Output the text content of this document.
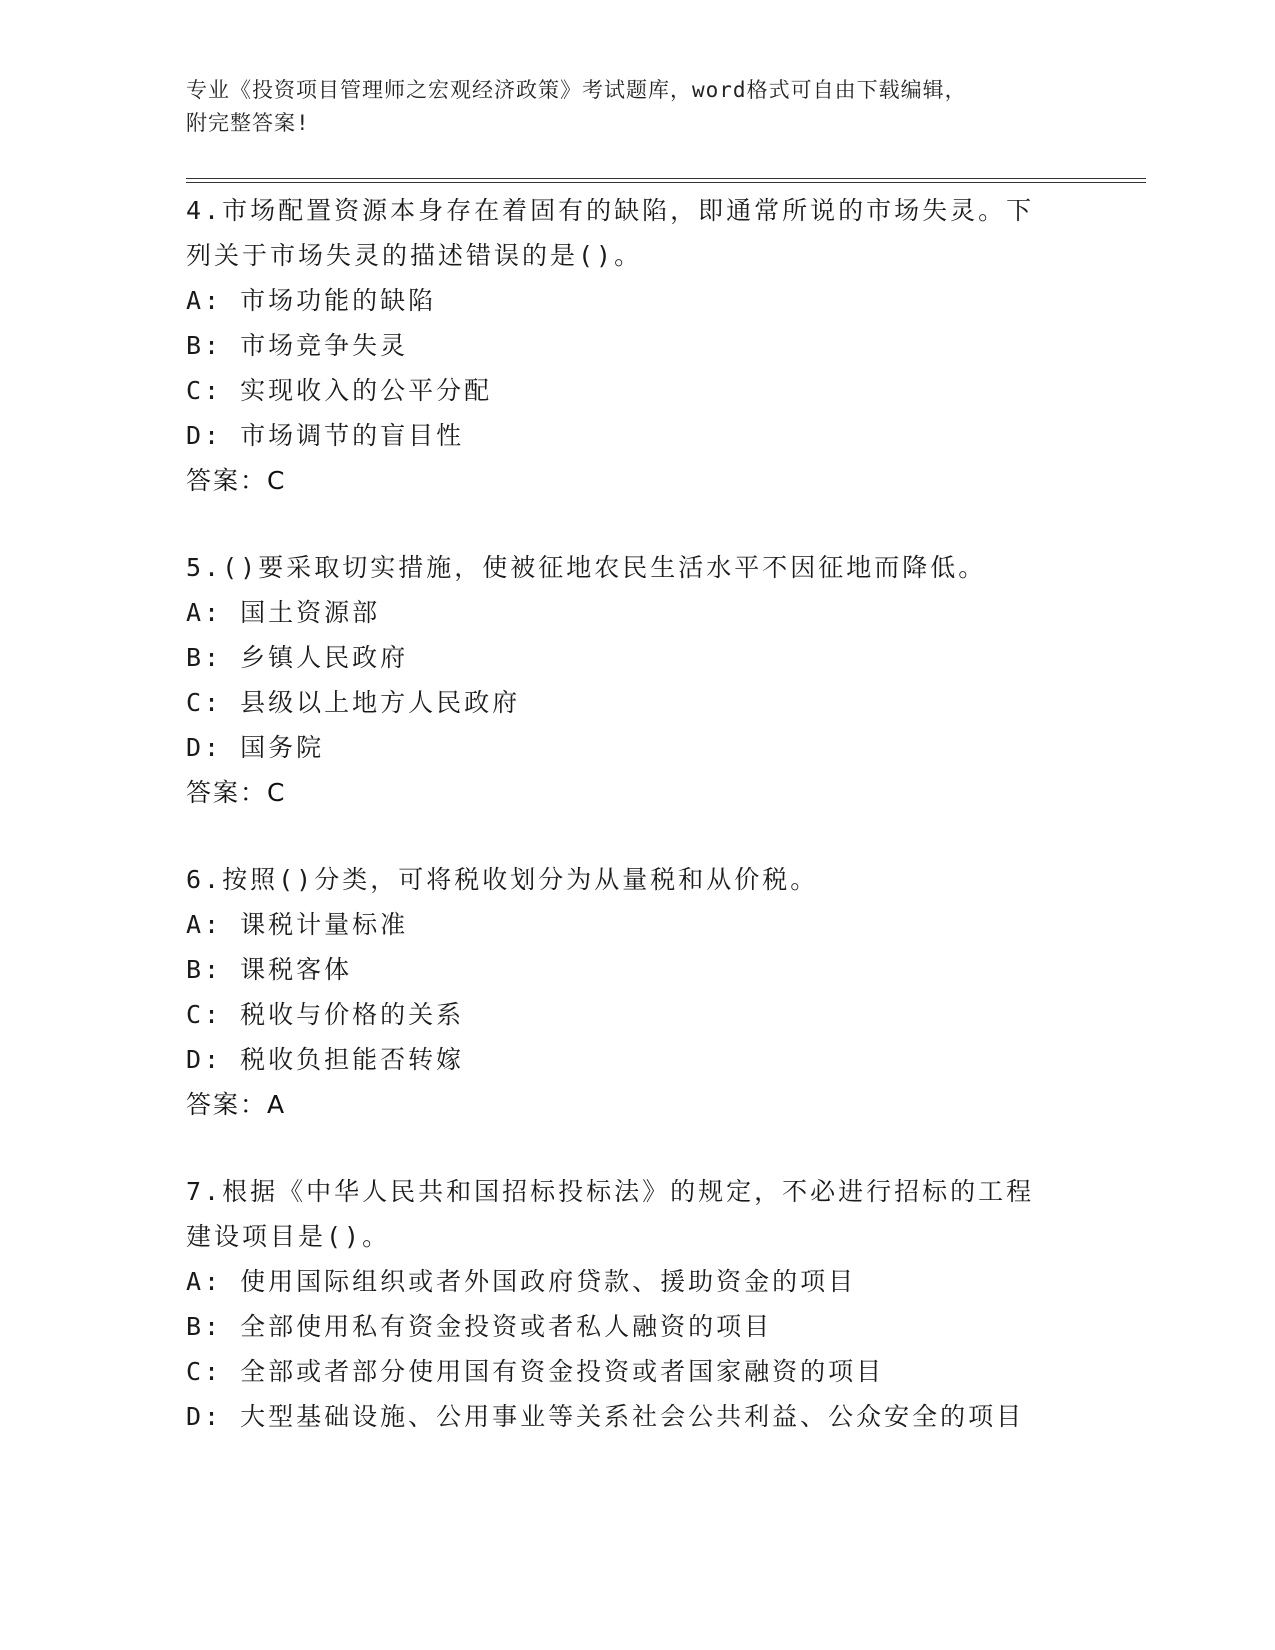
专业《投资项目管理师之宏观经济政策》考试题库，word格式可自由下载编辑，
附完整答案!
4.市场配置资源本身存在着固有的缺陷，即通常所说的市场失灵。下
列关于市场失灵的描述错误的是()。
A: 市场功能的缺陷
B: 市场竞争失灵
C: 实现收入的公平分配
D: 市场调节的盲目性
答案：C
5.()要采取切实措施，使被征地农民生活水平不因征地而降低。
A: 国土资源部
B: 乡镇人民政府
C: 县级以上地方人民政府
D: 国务院
答案：C
6.按照()分类，可将税收划分为从量税和从价税。
A: 课税计量标准
B: 课税客体
C: 税收与价格的关系
D: 税收负担能否转嫁
答案：A
7.根据《中华人民共和国招标投标法》的规定，不必进行招标的工程
建设项目是()。
A: 使用国际组织或者外国政府贷款、援助资金的项目
B: 全部使用私有资金投资或者私人融资的项目
C: 全部或者部分使用国有资金投资或者国家融资的项目
D: 大型基础设施、公用事业等关系社会公共利益、公众安全的项目
